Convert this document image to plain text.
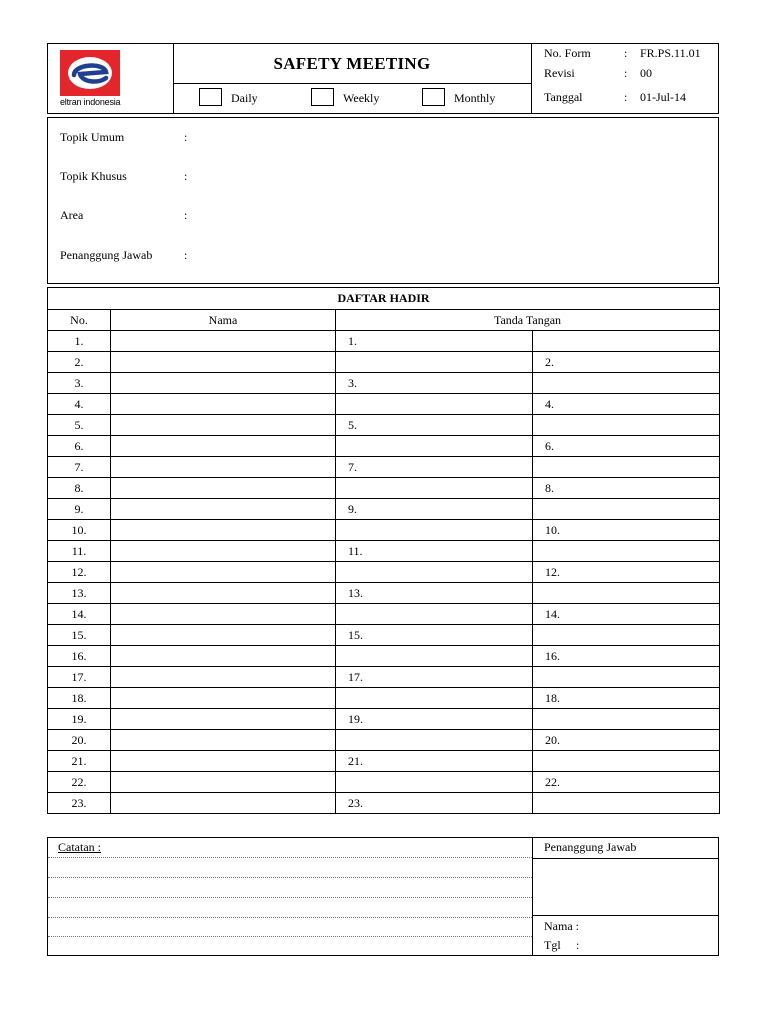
eltran indonesia
SAFETY MEETING
Daily	Weekly	Monthly
No. Form	: FR.PS.11.01
Revisi	: 00
Tanggal	: 01-Jul-14
Topik Umum	:
Topik Khusus	:
Area	:
Penanggung Jawab	:
DAFTAR HADIR			
No.	Nama	Tanda Tangan	
1.		1.	
2.			2.
3.		3.	
4.			4.
5.		5.	
6.			6.
7.		7.	
8.			8.
9.		9.	
10.			10.
11.		11.	
12.			12.
13.		13.	
14.			14.
15.		15.	
16.			16.
17.		17.	
18.			18.
19.		19.	
20.			20.
21.		21.	
22.			22.
23.		23.	
Catatan :	Penanggung Jawab
Nama :
Tgl :
